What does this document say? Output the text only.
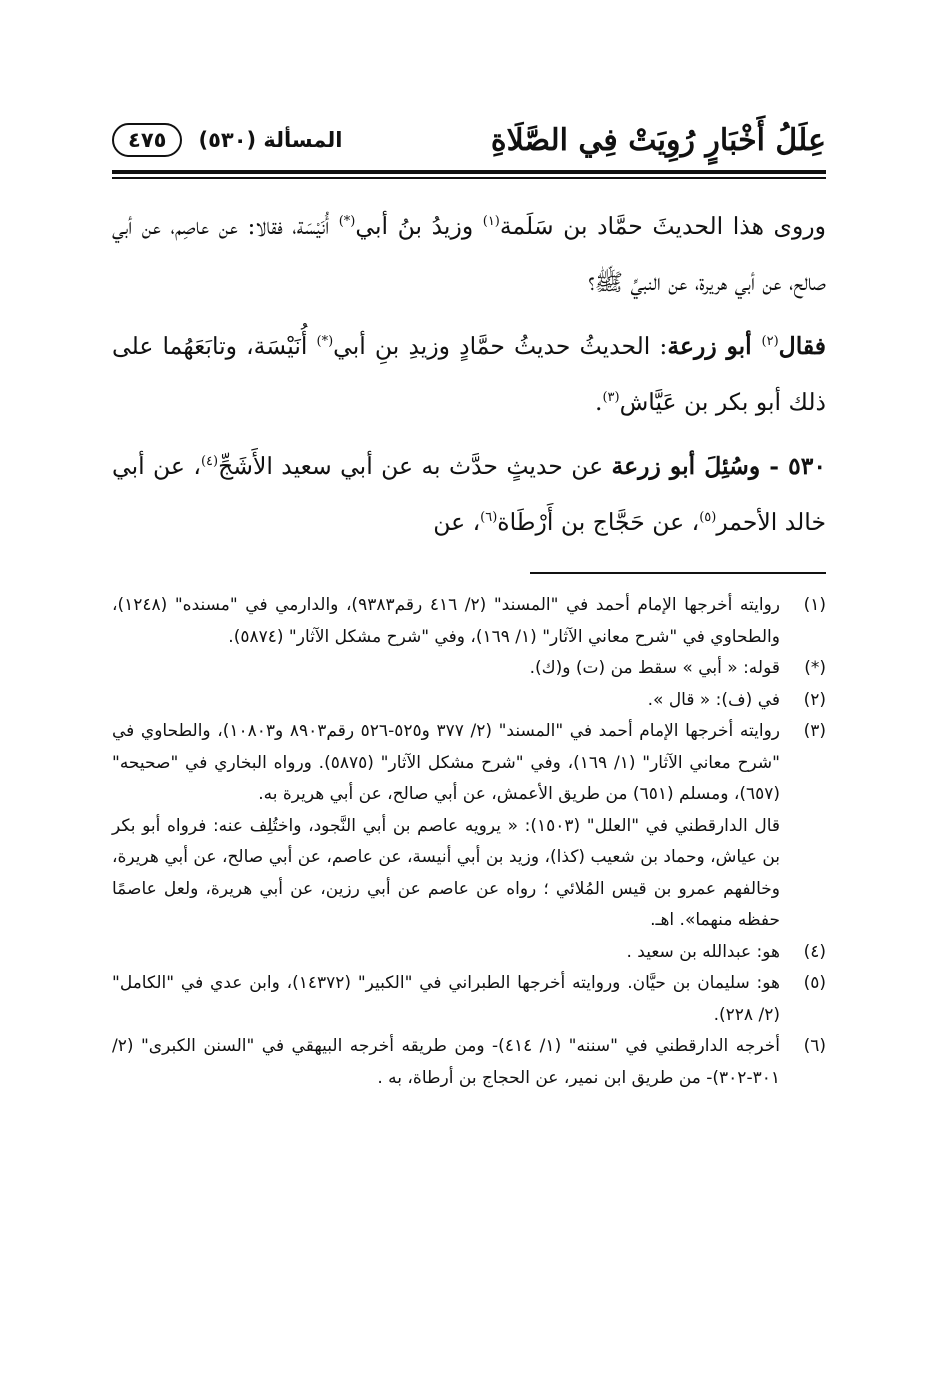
عِلَلُ أَخْبَارٍ رُوِيَتْ فِي الصَّلَاةِ
المسألة (٥٣٠)
٤٧٥

وروى هذا الحديثَ حمَّاد بن سَلَمة$^{(١)}$ وزيدُ بنُ أبي(*) أُنَيْسَة، فقالا: عن عاصِم، عن أبي صالح، عن أبي هريرة، عن النبيِّ ﷺ؟

فقال$^{(٢)}$ أبو زرعة: الحديثُ حديثُ حمَّادٍ وزيدِ بنِ أبي(*) أُنَيْسَة، وتابَعَهُما على ذلك أبو بكر بن عَيَّاش$^{(٣)}$.

٥٣٠ - وسُئِلَ أبو زرعة عن حديثٍ حدَّث به عن أبي سعيد الأَشَجِّ$^{(٤)}$، عن أبي خالد الأحمر$^{(٥)}$، عن حَجَّاج بن أَرْطَاة$^{(٦)}$، عن

(١)

روايته أخرجها الإمام أحمد في "المسند" (٢/ ٤١٦ رقم٩٣٨٣)، والدارمي في "مسنده" (١٢٤٨)، والطحاوي في "شرح معاني الآثار" (١/ ١٦٩)، وفي "شرح مشكل الآثار" (٥٨٧٤).

(*)

قوله: « أبي » سقط من (ت) و(ك).

(٢)

في (ف): « قال ».

(٣)

روايته أخرجها الإمام أحمد في "المسند" (٢/ ٣٧٧ و٥٢٥-٥٢٦ رقم٨٩٠٣ و١٠٨٠٣)، والطحاوي في "شرح معاني الآثار" (١/ ١٦٩)، وفي "شرح مشكل الآثار" (٥٨٧٥). ورواه البخاري في "صحيحه" (٦٥٧)، ومسلم (٦٥١) من طريق الأعمش، عن أبي صالح، عن أبي هريرة به.

قال الدارقطني في "العلل" (١٥٠٣): « يرويه عاصم بن أبي النَّجود، واختُلِف عنه: فرواه أبو بكر بن عياش، وحماد بن شعيب (كذا)، وزيد بن أبي أنيسة، عن عاصم، عن أبي صالح، عن أبي هريرة، وخالفهم عمرو بن قيس المُلائي ؛ رواه عن عاصم عن أبي رزين، عن أبي هريرة، ولعل عاصمًا حفظه منهما». اهـ.

(٤)

هو: عبدالله بن سعيد .

(٥)

هو: سليمان بن حيَّان. وروايته أخرجها الطبراني في "الكبير" (١٤٣٧٢)، وابن عدي في "الكامل" (٢/ ٢٢٨).

(٦)

أخرجه الدارقطني في "سننه" (١/ ٤١٤)- ومن طريقه أخرجه البيهقي في "السنن الكبرى" (٢/ ٣٠١-٣٠٢)- من طريق ابن نمير، عن الحجاج بن أرطاة، به .
